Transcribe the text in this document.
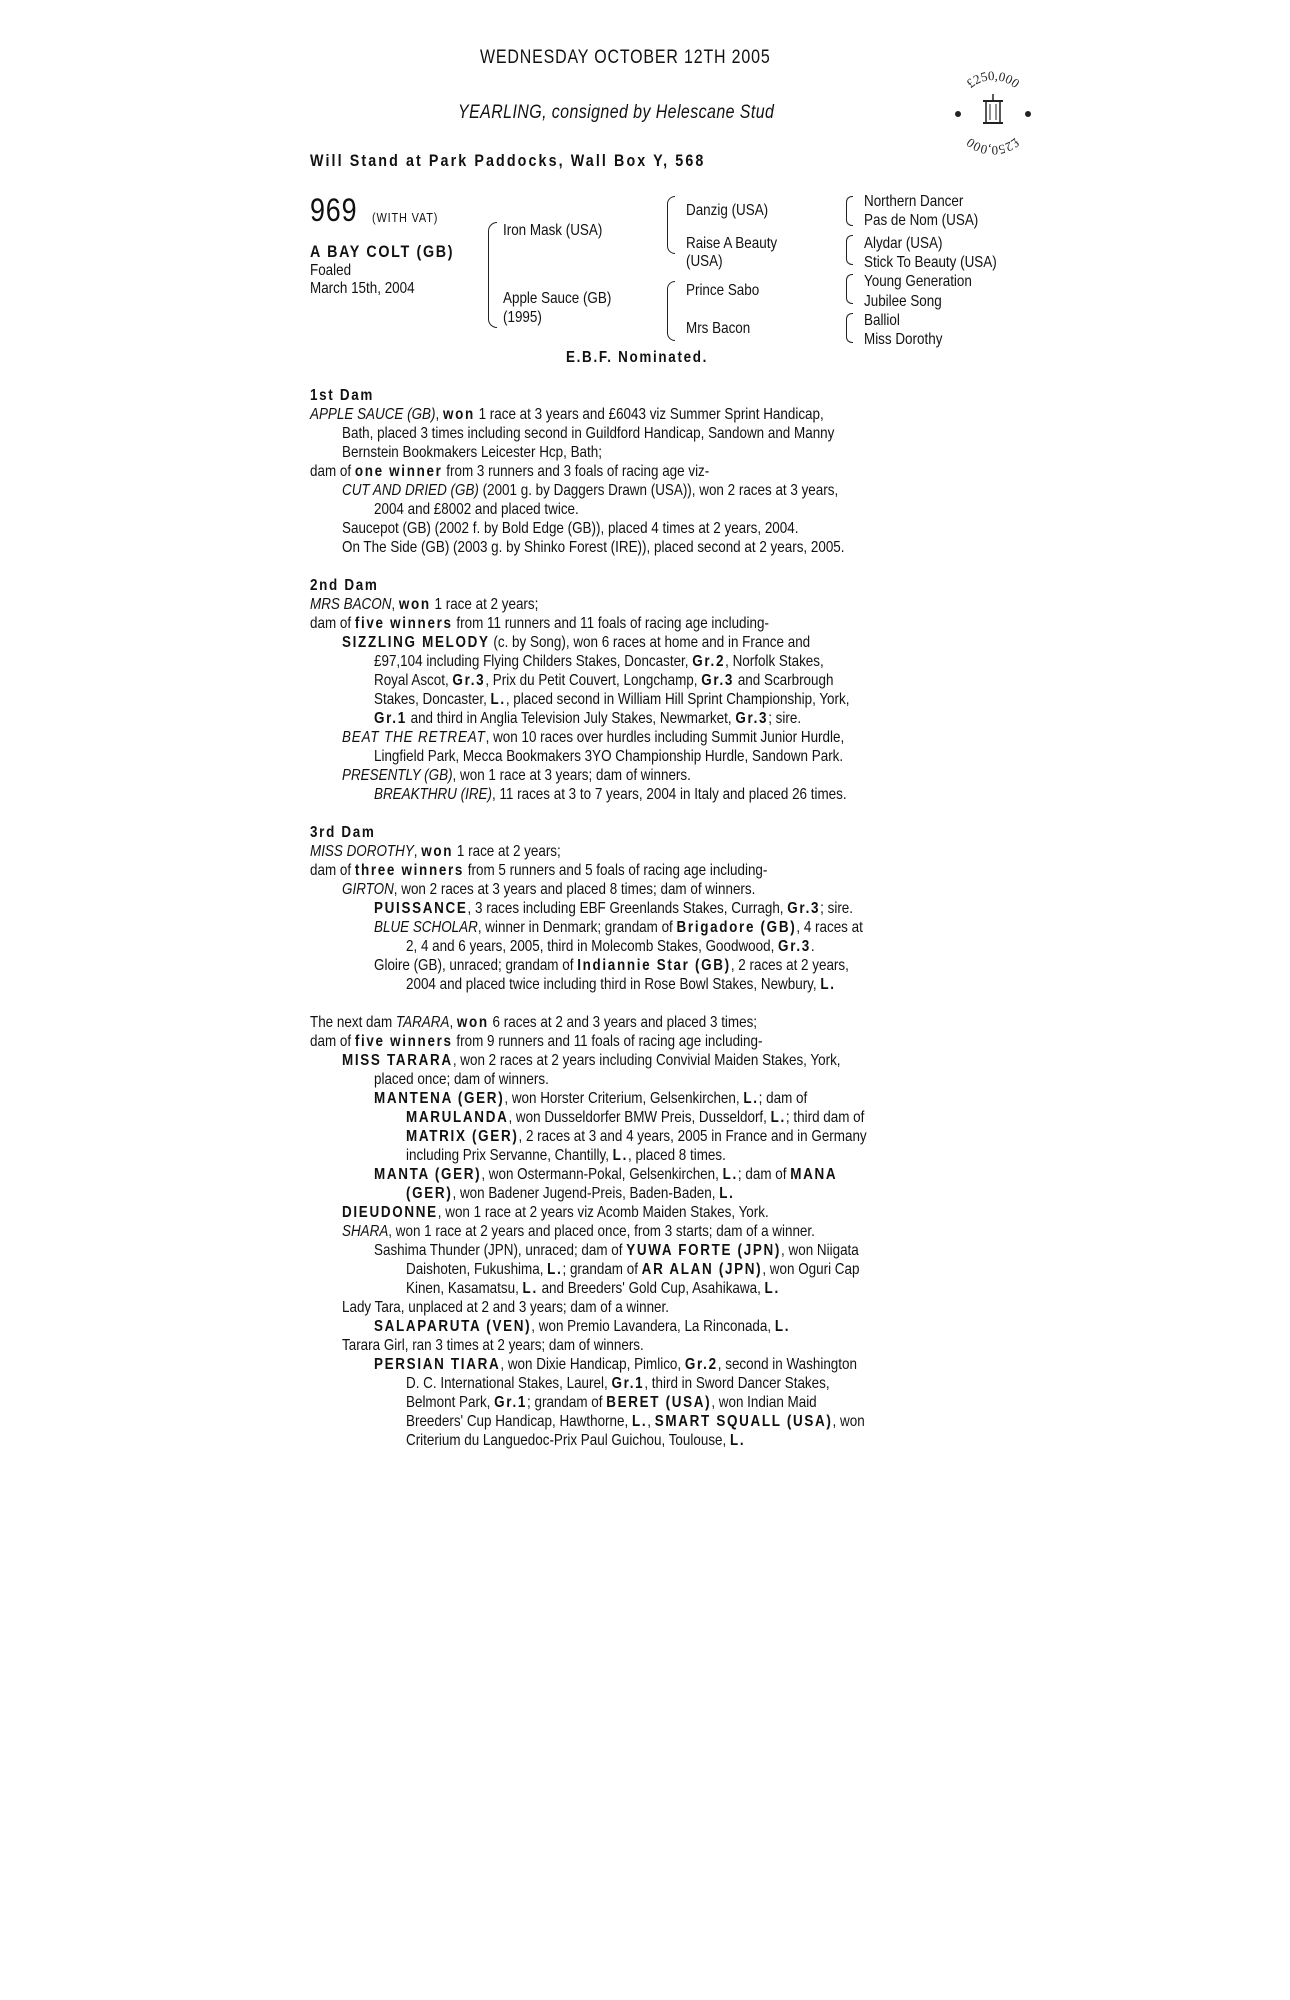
WEDNESDAY OCTOBER 12TH 2005
YEARLING, consigned by Helescane Stud
Will Stand at Park Paddocks, Wall Box Y, 568
£250,000
£250,000
969 (WITH VAT)
A BAY COLT (GB)
Foaled
March 15th, 2004
Iron Mask (USA)
Apple Sauce (GB)
(1995)
Danzig (USA)
Raise A Beauty
(USA)
Prince Sabo
Mrs Bacon
Northern Dancer
Pas de Nom (USA)
Alydar (USA)
Stick To Beauty (USA)
Young Generation
Jubilee Song
Balliol
Miss Dorothy
E.B.F. Nominated.
1st Dam
APPLE SAUCE (GB), won 1 race at 3 years and £6043 viz Summer Sprint Handicap,
Bath, placed 3 times including second in Guildford Handicap, Sandown and Manny
Bernstein Bookmakers Leicester Hcp, Bath;
dam of one winner from 3 runners and 3 foals of racing age viz-
CUT AND DRIED (GB) (2001 g. by Daggers Drawn (USA)), won 2 races at 3 years,
2004 and £8002 and placed twice.
Saucepot (GB) (2002 f. by Bold Edge (GB)), placed 4 times at 2 years, 2004.
On The Side (GB) (2003 g. by Shinko Forest (IRE)), placed second at 2 years, 2005.
2nd Dam
MRS BACON, won 1 race at 2 years;
dam of five winners from 11 runners and 11 foals of racing age including-
SIZZLING MELODY (c. by Song), won 6 races at home and in France and
£97,104 including Flying Childers Stakes, Doncaster, Gr.2, Norfolk Stakes,
Royal Ascot, Gr.3, Prix du Petit Couvert, Longchamp, Gr.3 and Scarbrough
Stakes, Doncaster, L., placed second in William Hill Sprint Championship, York,
Gr.1 and third in Anglia Television July Stakes, Newmarket, Gr.3; sire.
BEAT THE RETREAT, won 10 races over hurdles including Summit Junior Hurdle,
Lingfield Park, Mecca Bookmakers 3YO Championship Hurdle, Sandown Park.
PRESENTLY (GB), won 1 race at 3 years; dam of winners.
BREAKTHRU (IRE), 11 races at 3 to 7 years, 2004 in Italy and placed 26 times.
3rd Dam
MISS DOROTHY, won 1 race at 2 years;
dam of three winners from 5 runners and 5 foals of racing age including-
GIRTON, won 2 races at 3 years and placed 8 times; dam of winners.
PUISSANCE, 3 races including EBF Greenlands Stakes, Curragh, Gr.3; sire.
BLUE SCHOLAR, winner in Denmark; grandam of Brigadore (GB), 4 races at
2, 4 and 6 years, 2005, third in Molecomb Stakes, Goodwood, Gr.3.
Gloire (GB), unraced; grandam of Indiannie Star (GB), 2 races at 2 years,
2004 and placed twice including third in Rose Bowl Stakes, Newbury, L.
The next dam TARARA, won 6 races at 2 and 3 years and placed 3 times;
dam of five winners from 9 runners and 11 foals of racing age including-
MISS TARARA, won 2 races at 2 years including Convivial Maiden Stakes, York,
placed once; dam of winners.
MANTENA (GER), won Horster Criterium, Gelsenkirchen, L.; dam of
MARULANDA, won Dusseldorfer BMW Preis, Dusseldorf, L.; third dam of
MATRIX (GER), 2 races at 3 and 4 years, 2005 in France and in Germany
including Prix Servanne, Chantilly, L., placed 8 times.
MANTA (GER), won Ostermann-Pokal, Gelsenkirchen, L.; dam of MANA
(GER), won Badener Jugend-Preis, Baden-Baden, L.
DIEUDONNE, won 1 race at 2 years viz Acomb Maiden Stakes, York.
SHARA, won 1 race at 2 years and placed once, from 3 starts; dam of a winner.
Sashima Thunder (JPN), unraced; dam of YUWA FORTE (JPN), won Niigata
Daishoten, Fukushima, L.; grandam of AR ALAN (JPN), won Oguri Cap
Kinen, Kasamatsu, L. and Breeders' Gold Cup, Asahikawa, L.
Lady Tara, unplaced at 2 and 3 years; dam of a winner.
SALAPARUTA (VEN), won Premio Lavandera, La Rinconada, L.
Tarara Girl, ran 3 times at 2 years; dam of winners.
PERSIAN TIARA, won Dixie Handicap, Pimlico, Gr.2, second in Washington
D. C. International Stakes, Laurel, Gr.1, third in Sword Dancer Stakes,
Belmont Park, Gr.1; grandam of BERET (USA), won Indian Maid
Breeders' Cup Handicap, Hawthorne, L., SMART SQUALL (USA), won
Criterium du Languedoc-Prix Paul Guichou, Toulouse, L.
